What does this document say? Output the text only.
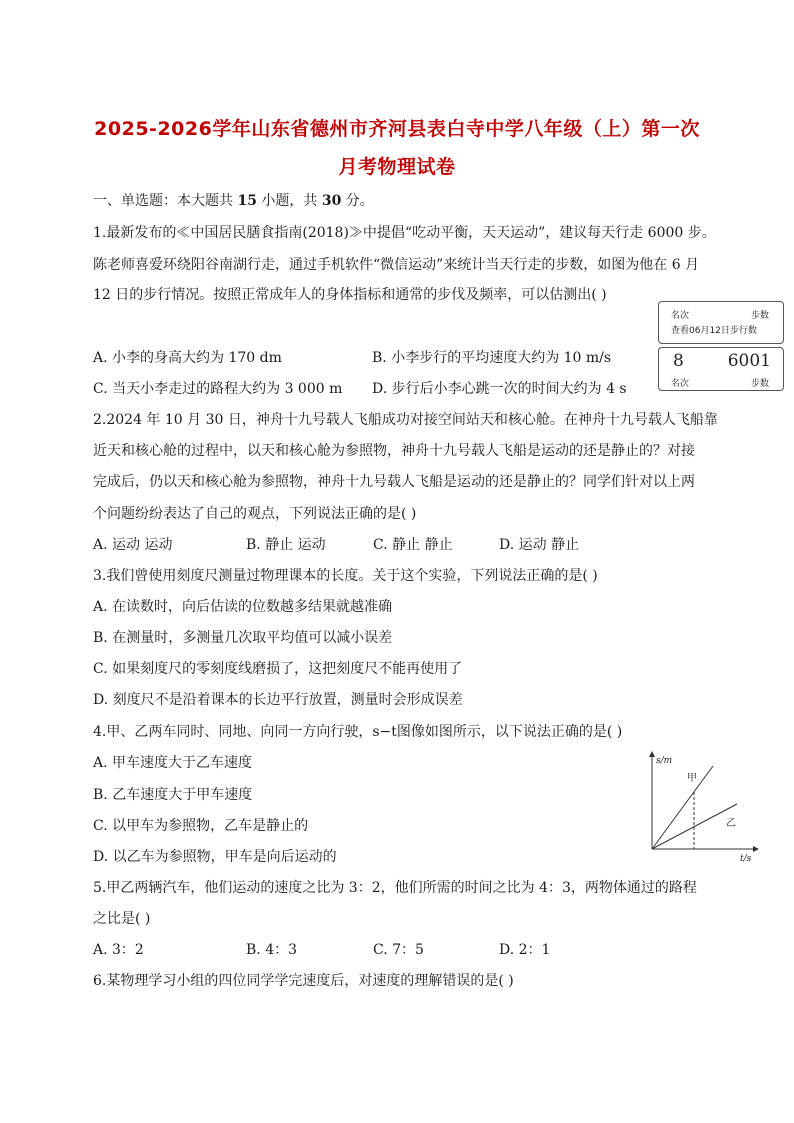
2025-2026学年山东省德州市齐河县表白寺中学八年级（上）第一次
月考物理试卷
一、单选题：本大题共 15 小题，共 30 分。
1.最新发布的≪中国居民膳食指南(2018)≫中提倡“吃动平衡，天天运动”，建议每天行走 6000 步。
陈老师喜爱环绕阳谷南湖行走，通过手机软件“微信运动”来统计当天行走的步数，如图为他在 6 月
12 日的步行情况。按照正常成年人的身体指标和通常的步伐及频率，可以估测出( )
名次	步数
查看06月12日步行数
8	6001
名次	步数
A. 小李的身高大约为 170 dm	B. 小李步行的平均速度大约为 10 m/s
C. 当天小李走过的路程大约为 3 000 m D. 步行后小李心跳一次的时间大约为 4 s
2.2024 年 10 月 30 日，神舟十九号载人飞船成功对接空间站天和核心舱。在神舟十九号载人飞船靠
近天和核心舱的过程中，以天和核心舱为参照物，神舟十九号载人飞船是运动的还是静止的？对接
完成后，仍以天和核心舱为参照物，神舟十九号载人飞船是运动的还是静止的？同学们针对以上两
个问题纷纷表达了自己的观点，下列说法正确的是( )
A. 运动 运动	B. 静止 运动	C. 静止 静止	D. 运动 静止
3.我们曾使用刻度尺测量过物理课本的长度。关于这个实验，下列说法正确的是( )
A. 在读数时，向后估读的位数越多结果就越准确
B. 在测量时，多测量几次取平均值可以减小误差
C. 如果刻度尺的零刻度线磨损了，这把刻度尺不能再使用了
D. 刻度尺不是沿着课本的长边平行放置，测量时会形成误差
4.甲、乙两车同时、同地、向同一方向行驶，s−t图像如图所示，以下说法正确的是( )
A. 甲车速度大于乙车速度
B. 乙车速度大于甲车速度
C. 以甲车为参照物，乙车是静止的
D. 以乙车为参照物，甲车是向后运动的
s/m
t/s
甲
乙
5.甲乙两辆汽车，他们运动的速度之比为 3：2，他们所需的时间之比为 4：3，两物体通过的路程
之比是( )
A. 3：2	B. 4：3	C. 7：5	D. 2：1
6.某物理学习小组的四位同学学完速度后，对速度的理解错误的是( )
